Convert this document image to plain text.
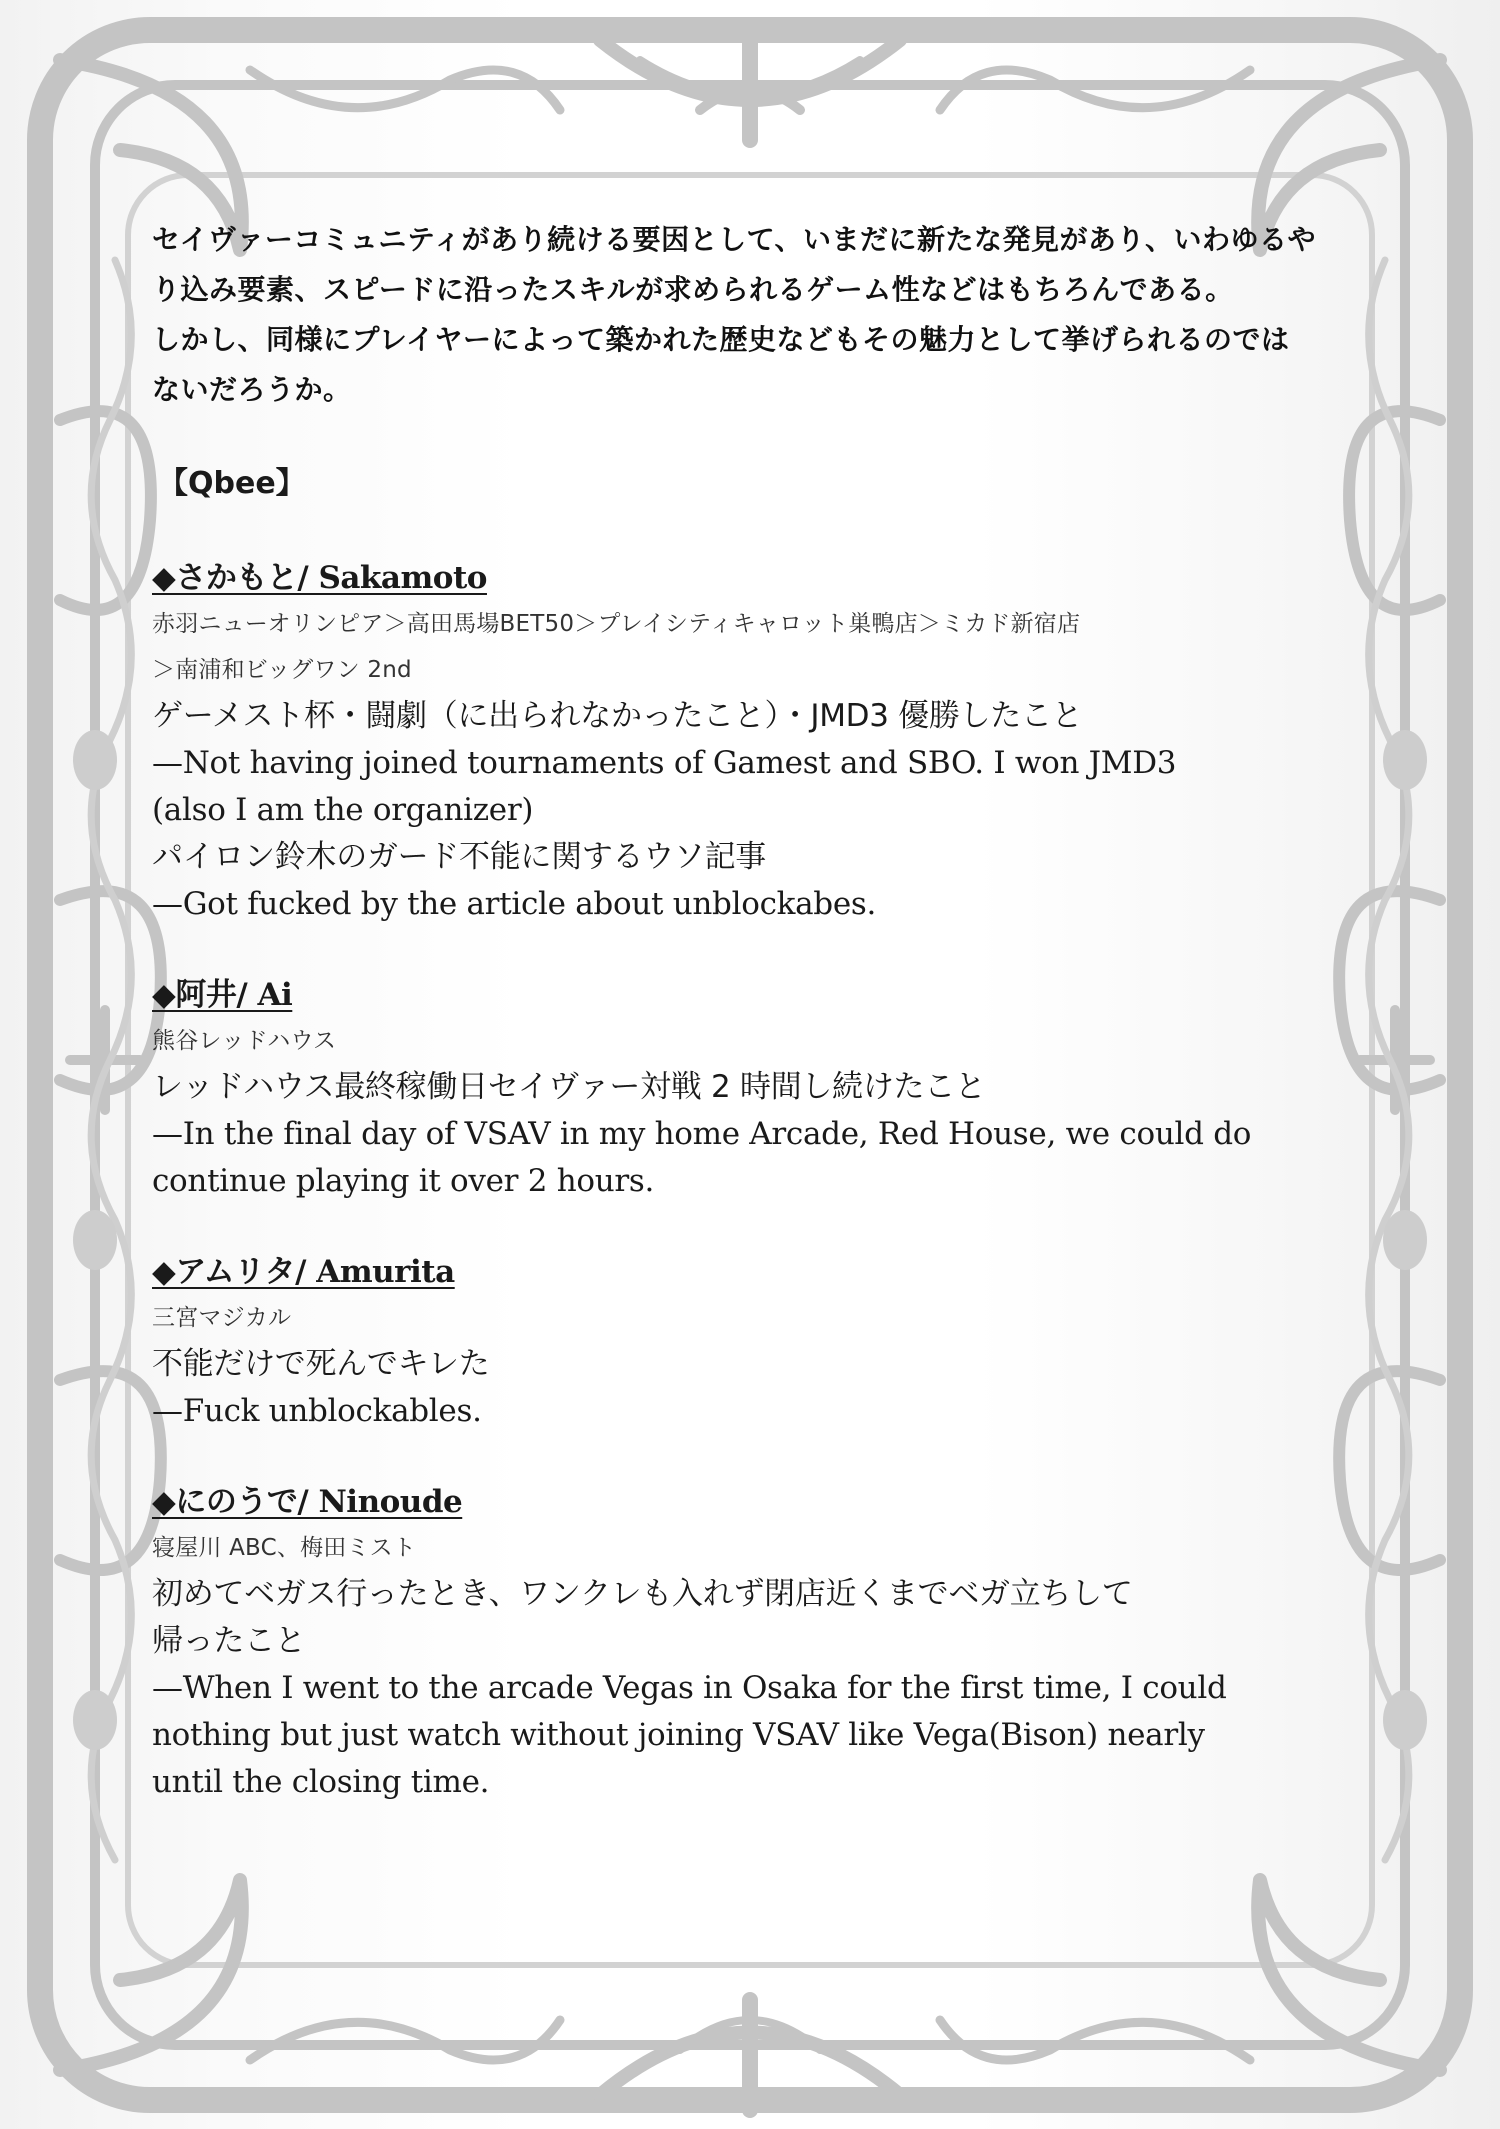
セイヴァーコミュニティがあり続ける要因として、いまだに新たな発見があり、いわゆるや

り込み要素、スピードに沿ったスキルが求められるゲーム性などはもちろんである。

しかし、同様にプレイヤーによって築かれた歴史などもその魅力として挙げられるのでは

ないだろうか。

【Qbee】
◆さかもと/ Sakamoto
赤羽ニューオリンピア＞高田馬場BET50＞プレイシティキャロット巣鴨店＞ミカド新宿店
＞南浦和ビッグワン 2nd
ゲーメスト杯・闘劇（に出られなかったこと）・JMD3 優勝したこと
—Not having joined tournaments of Gamest and SBO. I won JMD3
(also I am the organizer)
パイロン鈴木のガード不能に関するウソ記事
—Got fucked by the article about unblockabes.
◆阿井/ Ai
熊谷レッドハウス
レッドハウス最終稼働日セイヴァー対戦 2 時間し続けたこと
—In the final day of VSAV in my home Arcade, Red House, we could do
continue playing it over 2 hours.
◆アムリタ/ Amurita
三宮マジカル
不能だけで死んでキレた
—Fuck unblockables.
◆にのうで/ Ninoude
寝屋川 ABC、梅田ミスト
初めてベガス行ったとき、ワンクレも入れず閉店近くまでベガ立ちして
帰ったこと
—When I went to the arcade Vegas in Osaka for the first time, I could
nothing but just watch without joining VSAV like Vega(Bison) nearly
until the closing time.
